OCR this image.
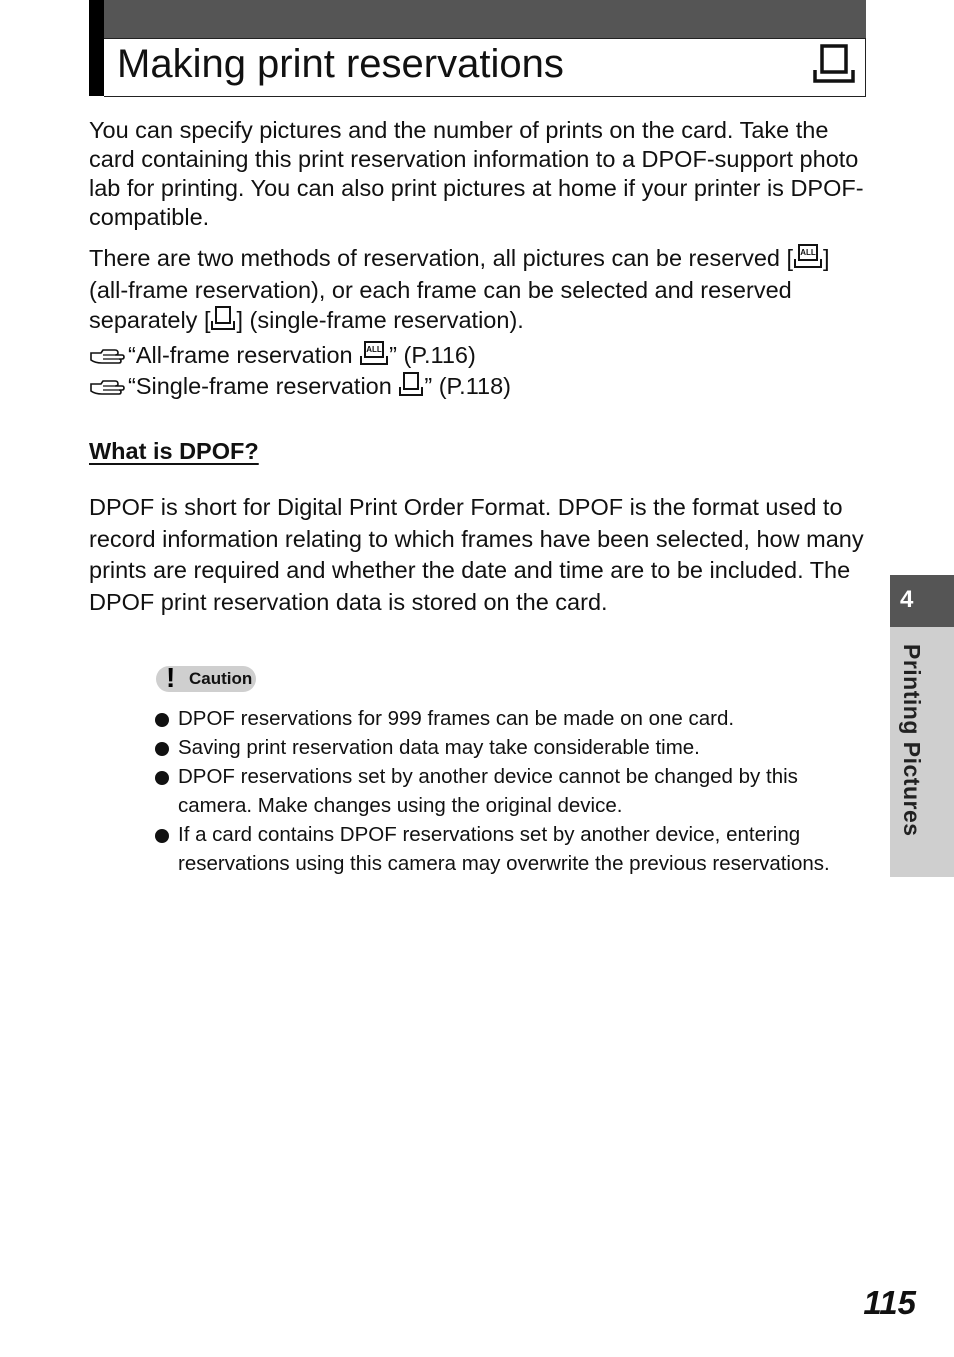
Making print reservations

You can specify pictures and the number of prints on the card. Take the card containing this print reservation information to a DPOF-support photo lab for printing. You can also print pictures at home if your printer is DPOF-compatible.

There are two methods of reservation, all pictures can be reserved [ ALL ] (all-frame reservation), or each frame can be selected and reserved separately [ ] (single-frame reservation).

“All-frame reservation ALL ” (P.116)

“Single-frame reservation ” (P.118)

What is DPOF?

DPOF is short for Digital Print Order Format. DPOF is the format used to record information relating to which frames have been selected, how many prints are required and whether the date and time are to be included. The DPOF print reservation data is stored on the card.

! Caution
DPOF reservations for 999 frames can be made on one card.
Saving print reservation data may take considerable time.
DPOF reservations set by another device cannot be changed by this camera. Make changes using the original device.
If a card contains DPOF reservations set by another device, entering reservations using this camera may overwrite the previous reservations.
4
Printing Pictures

115
